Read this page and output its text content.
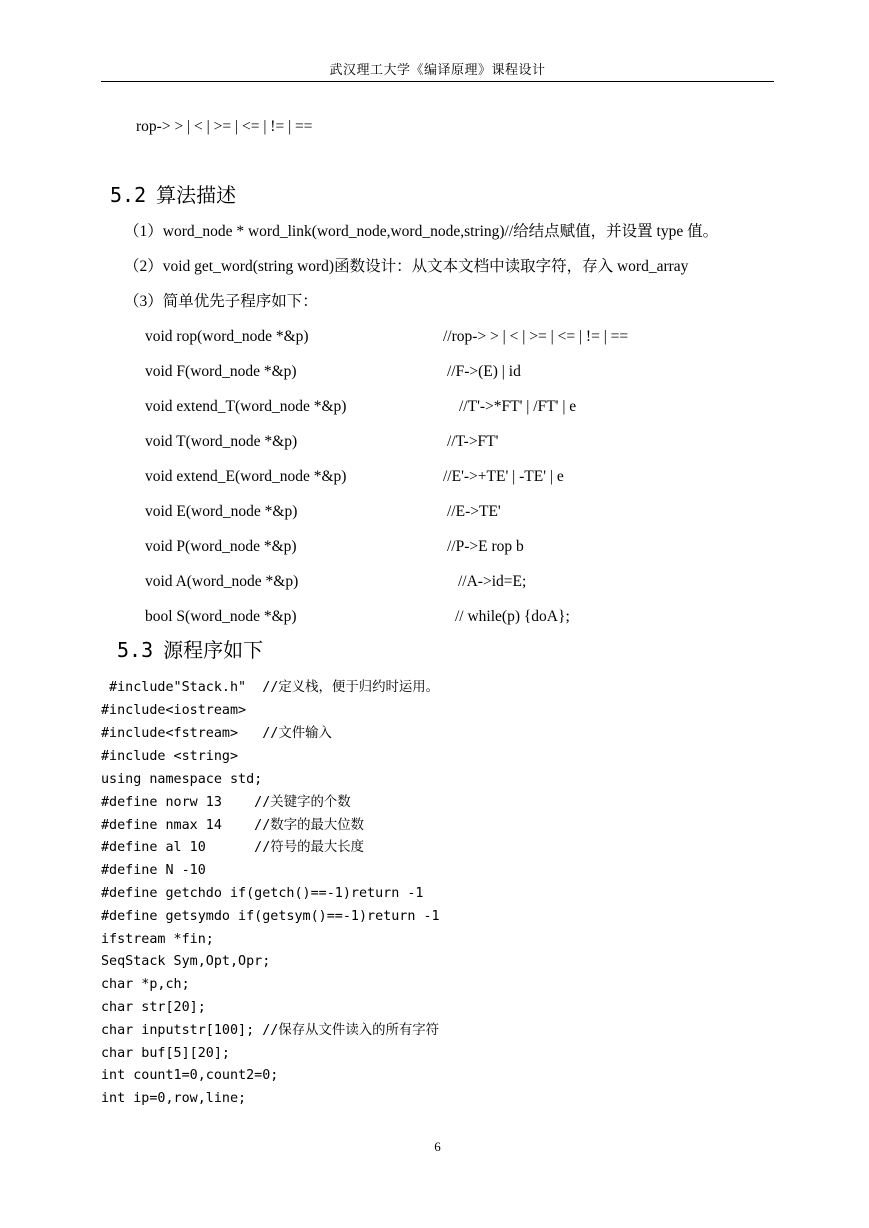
武汉理工大学《编译原理》课程设计
rop-> > | < | >= | <= | != | ==
5.2 算法描述
（1）word_node * word_link(word_node,word_node,string)//给结点赋值，并设置 type 值。
（2）void get_word(string word)函数设计：从文本文档中读取字符，存入 word_array
（3）简单优先子程序如下：
void rop(word_node *&p)	//rop-> > | < | >= | <= | != | ==
void F(word_node *&p)	//F->(E) | id
void extend_T(word_node *&p)	//T'->*FT' | /FT' | e
void T(word_node *&p)	//T->FT'
void extend_E(word_node *&p)	//E'->+TE' | -TE' | e
void E(word_node *&p)	//E->TE'
void P(word_node *&p)	//P->E rop b
void A(word_node *&p)	//A->id=E;
bool S(word_node *&p)	// while(p) {doA};
5.3 源程序如下
#include"Stack.h"  //定义栈，便于归约时运用。
#include<iostream>
#include<fstream>   //文件输入
#include <string>
using namespace std;
#define norw 13    //关键字的个数
#define nmax 14    //数字的最大位数
#define al 10      //符号的最大长度
#define N -10
#define getchdo if(getch()==-1)return -1
#define getsymdo if(getsym()==-1)return -1
ifstream *fin;
SeqStack Sym,Opt,Opr;
char *p,ch;
char str[20];
char inputstr[100]; //保存从文件读入的所有字符
char buf[5][20];
int count1=0,count2=0;
int ip=0,row,line;
6
